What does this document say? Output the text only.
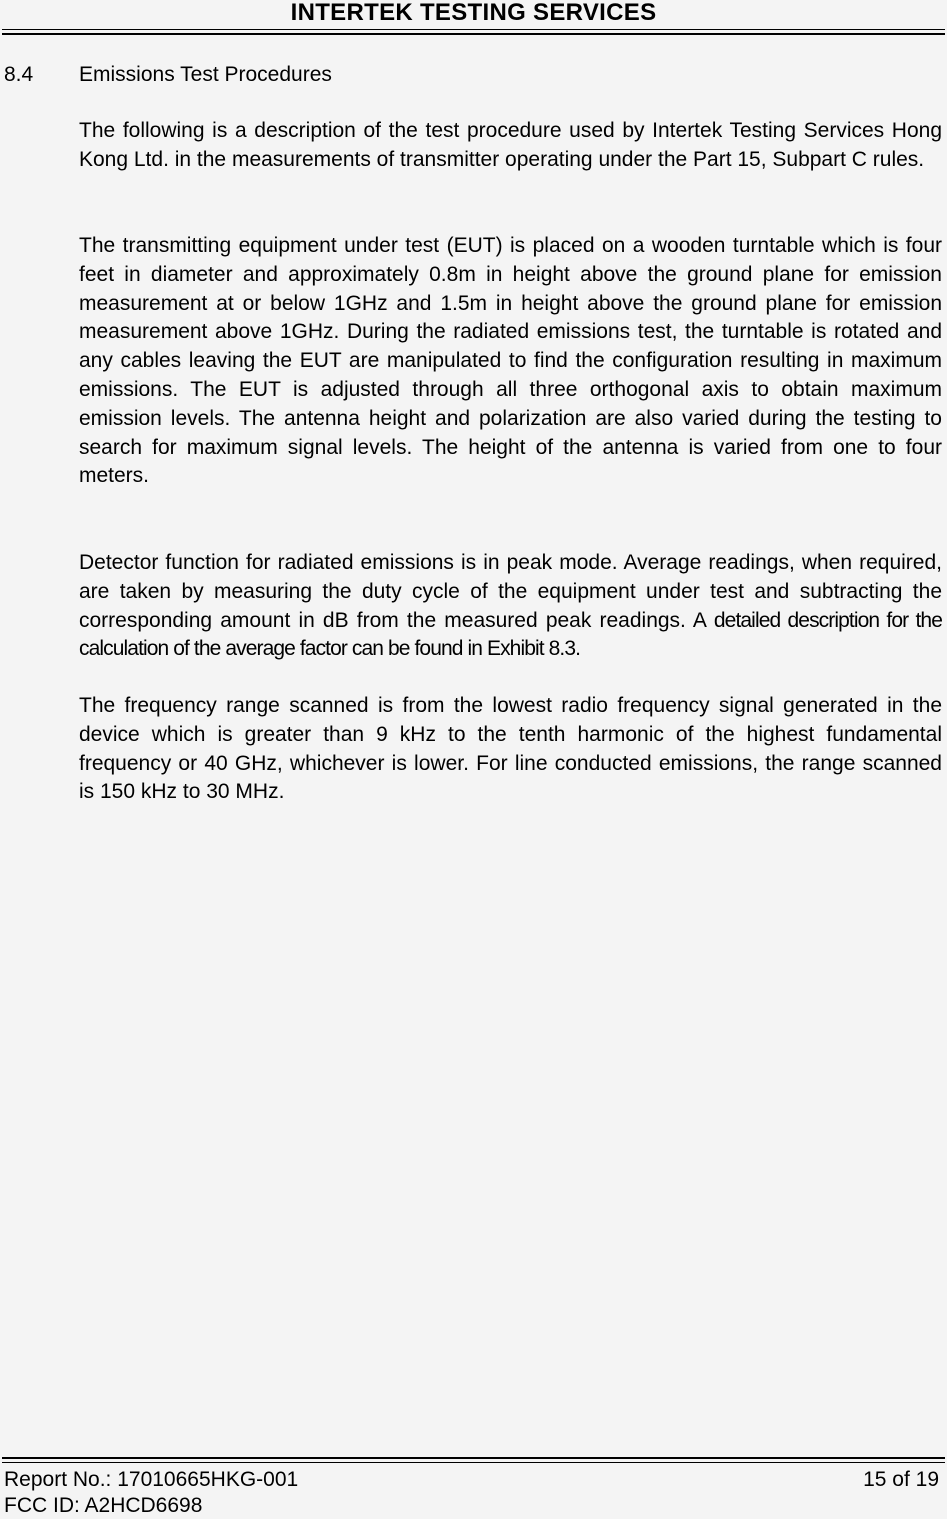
INTERTEK TESTING SERVICES
8.4 Emissions Test Procedures
The following is a description of the test procedure used by Intertek Testing Services Hong Kong Ltd. in the measurements of transmitter operating under the Part 15, Subpart C rules.
The transmitting equipment under test (EUT) is placed on a wooden turntable which is four feet in diameter and approximately 0.8m in height above the ground plane for emission measurement at or below 1GHz and 1.5m in height above the ground plane for emission measurement above 1GHz. During the radiated emissions test, the turntable is rotated and any cables leaving the EUT are manipulated to find the configuration resulting in maximum emissions. The EUT is adjusted through all three orthogonal axis to obtain maximum emission levels. The antenna height and polarization are also varied during the testing to search for maximum signal levels. The height of the antenna is varied from one to four meters.
Detector function for radiated emissions is in peak mode. Average readings, when required, are taken by measuring the duty cycle of the equipment under test and subtracting the corresponding amount in dB from the measured peak readings. A detailed description for the calculation of the average factor can be found in Exhibit 8.3.
The frequency range scanned is from the lowest radio frequency signal generated in the device which is greater than 9 kHz to the tenth harmonic of the highest fundamental frequency or 40 GHz, whichever is lower. For line conducted emissions, the range scanned is 150 kHz to 30 MHz.
Report No.: 17010665HKG-001
FCC ID: A2HCD6698
15 of 19
